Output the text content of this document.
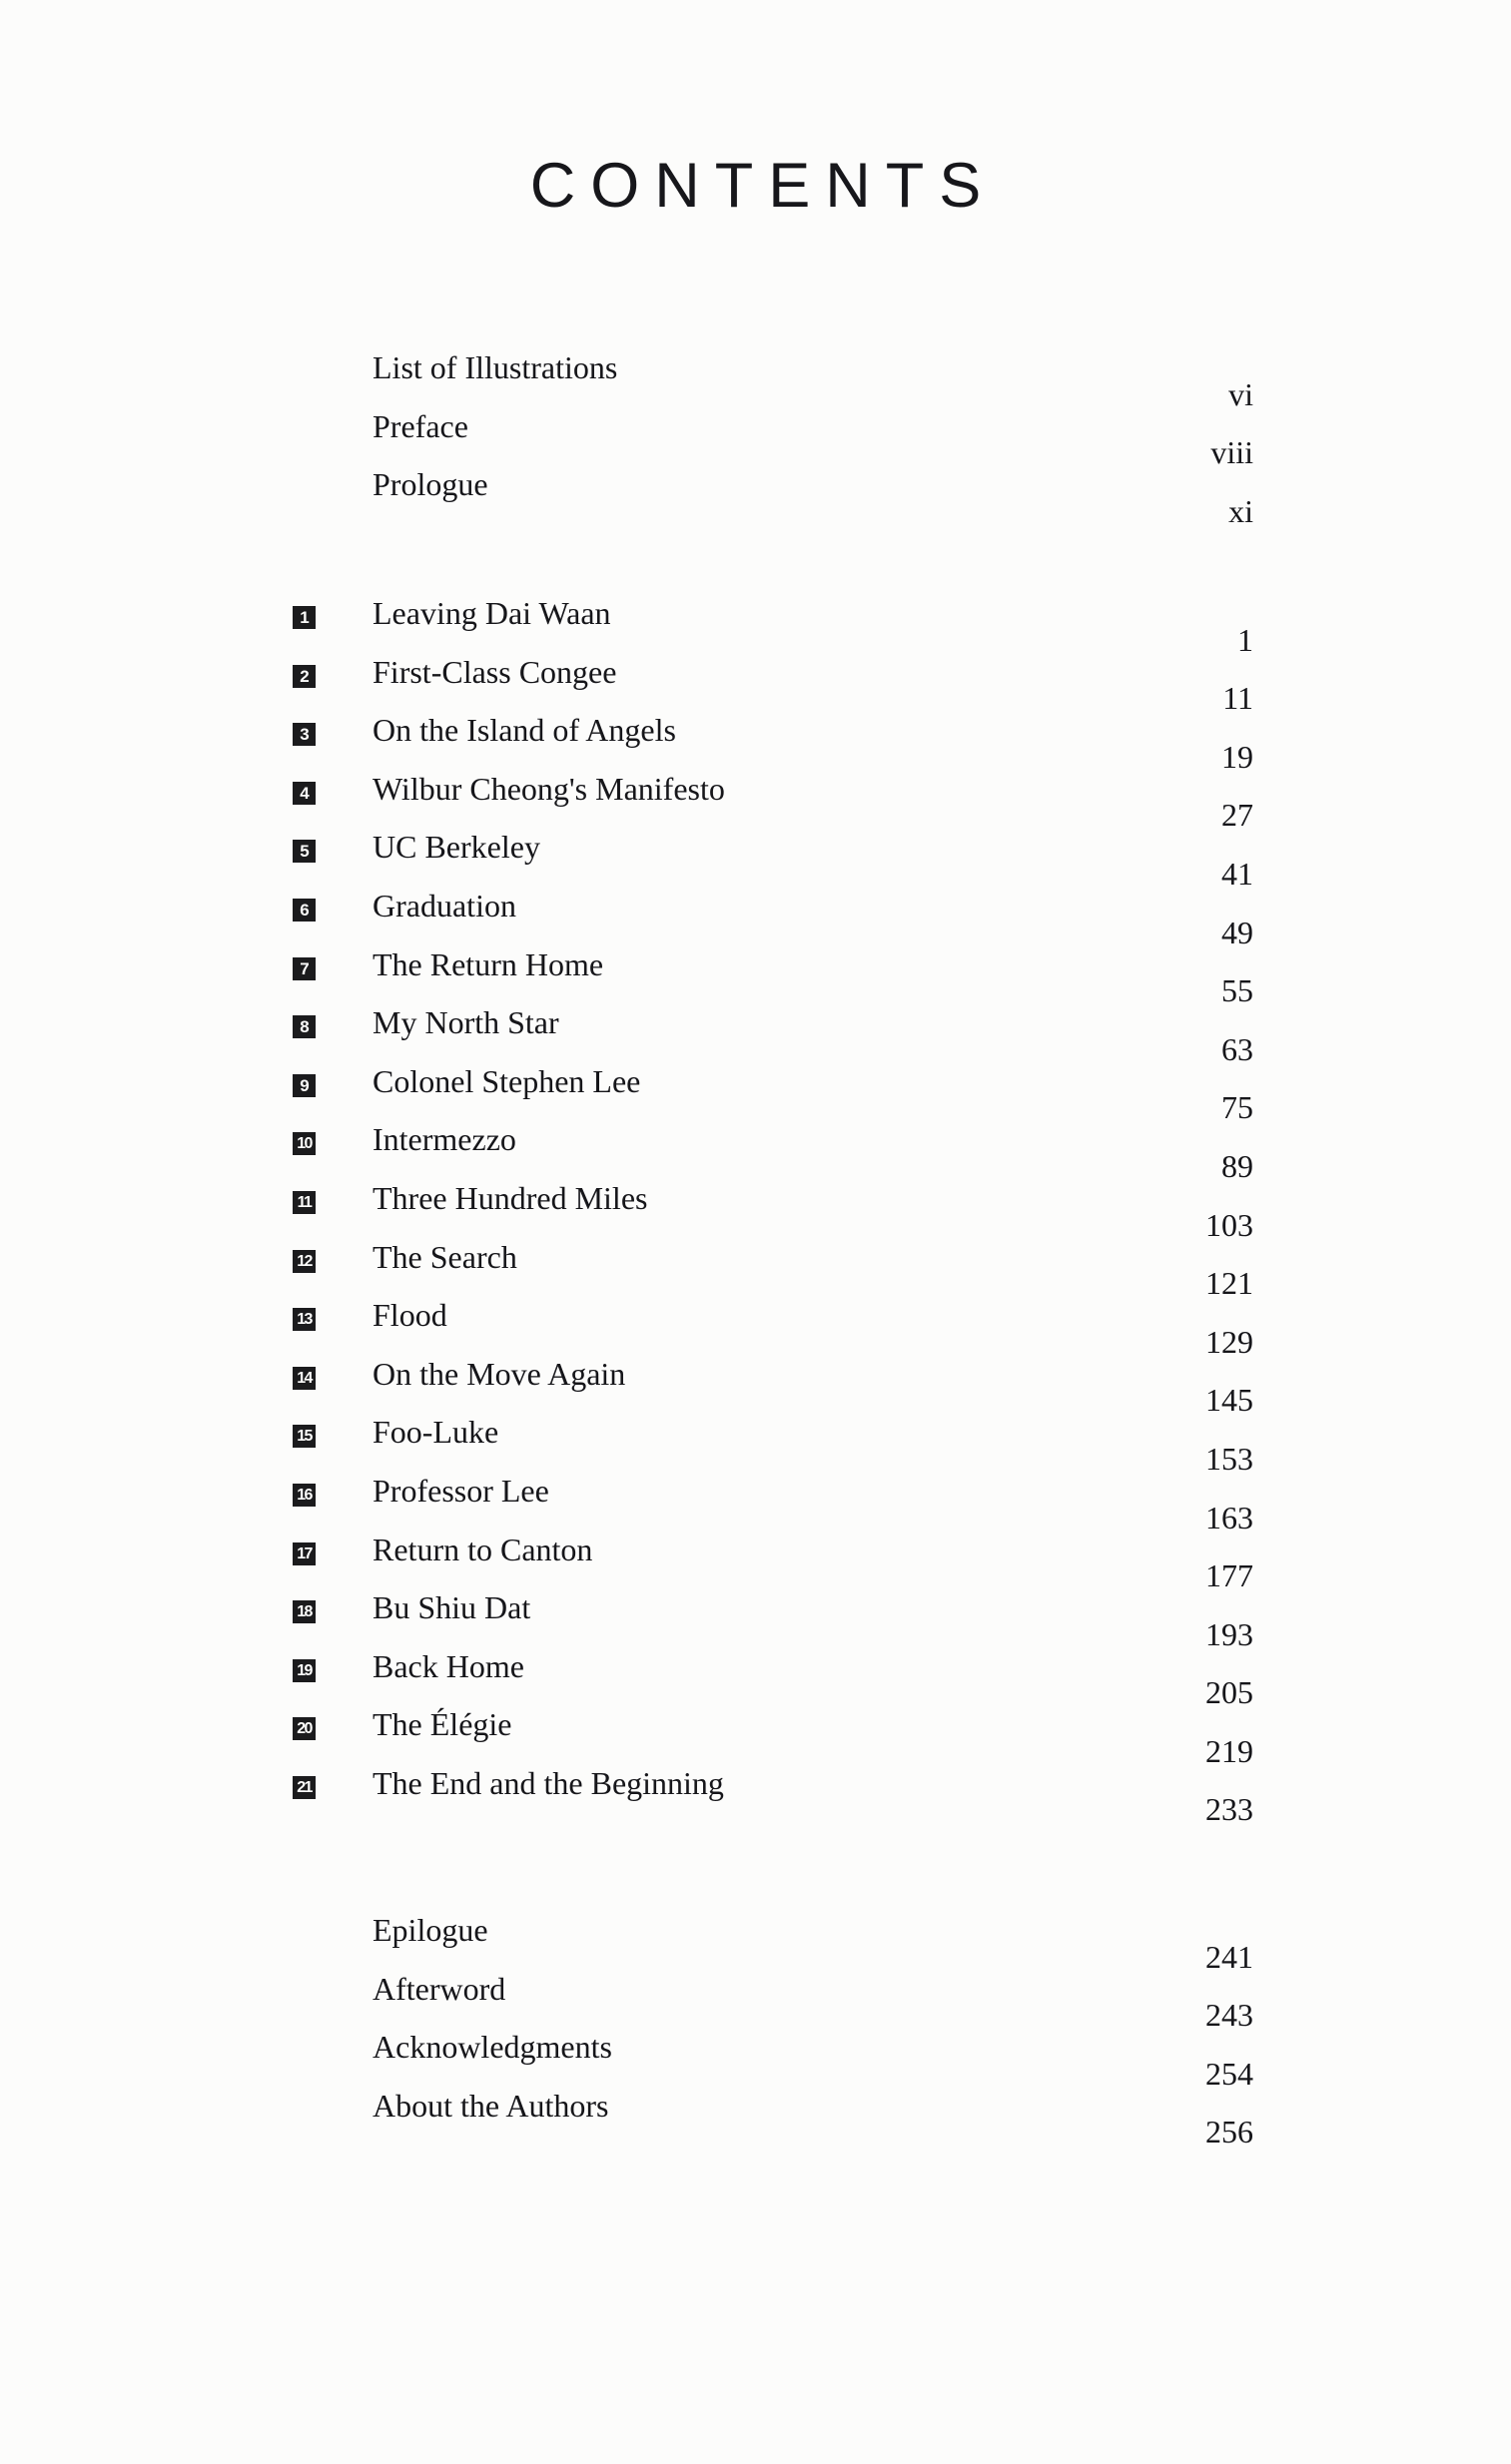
CONTENTS
List of Illustrations
vi
Preface
viii
Prologue
xi
1 Leaving Dai Waan
1
2 First-Class Congee
11
3 On the Island of Angels
19
4 Wilbur Cheong's Manifesto
27
5 UC Berkeley
41
6 Graduation
49
7 The Return Home
55
8 My North Star
63
9 Colonel Stephen Lee
75
10 Intermezzo
89
11 Three Hundred Miles
103
12 The Search
121
13 Flood
129
14 On the Move Again
145
15 Foo-Luke
153
16 Professor Lee
163
17 Return to Canton
177
18 Bu Shiu Dat
193
19 Back Home
205
20 The Élégie
219
21 The End and the Beginning
233
Epilogue
241
Afterword
243
Acknowledgments
254
About the Authors
256
